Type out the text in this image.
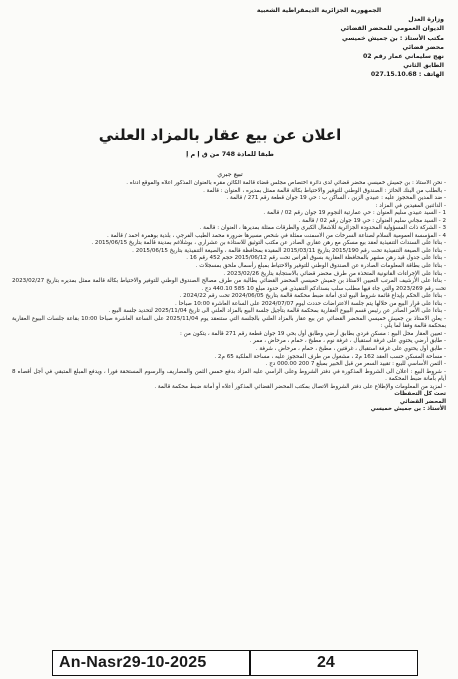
الجمهورية الجزائرية الديمقراطية الشعبية
وزارة العدل
الديوان العمومي للمحضر القضائي
مكتب الأستاذ : بن جميش خميسي
محضر قضائي
نهج سليماني عمار رقم 02
الطابق الثاني
الهاتف : 027.15.10.68
اعلان عن بيع عقار بالمزاد العلني
طبقا للمادة 748 من ق إ م إ
تبيع جبري

- نحن الأستاذ : بن جميش خميسي محضر قضائي لدى دائرة اختصاص مجلس قضاء قالمة الكائن مقره بالعنوان المذكور أعلاه والموقع أدناه .

- بالطلب من البنك الحائز : الصندوق الوطني للتوفير والاحتياط بكالة قالمة ممثل بمديره ، العنوان : قالمة .

- ضد المدين المحجوز عليه : عبيدي الزين ، الساكن ب : حي 19 جوان قطعة رقم 271 / قالمة .

- الدائنين المقيدين في المزاد :

1 - السيد عبيدي سليم العنوان : حي عمارتية النجوم 19 جوان رقم 02 / قالمة .

2 - السيد مجاني سليم العنوان : حي 19 جوان رقم 02 / قالمة .

3 - الشركة ذات المسؤولية المحدودة الجزائرية للاشغال الكبرى والطرقات ممثلة بمديرها ، العنوان : قالمة .

4 - المؤسسة العمومية السلام لصناعة السرخات من الاسمنت ممثلة في شخص مسيرها ضرورة محمد الطيب الفرجي ، بلدية بوهمرة احمد / قالمة .

- بناءا على السندات التنفيذية لعقد بيع مسكن مع رهن عقاري الصادر عن مكتب التوثيق للاستاذة بن عشراري ، بوشلاغم بمدينة قالمة بتاريخ 2015/06/15 .

- بناءا على الصيغة التنفيذية تحت رقم 2015/190 بتاريخ 2015/03/11 المقيدة بمحافظة قالمة ، والصيغة التنفيذية بتاريخ 2015/06/15 .

- بناءا على جدول قيد رهن مشهر بالمحافظة العقارية بسوق أهراس تحت رقم 2015/06/12 حجم 452 رقم 16 .

- بناءا على بطاقة المعلومات الصادرة عن الصندوق الوطني للتوفير والاحتياط بمبلغ رأسمال ملحق بمسجلات .

- بناءا على الإجراءات القانونية المتخذة من طرف محضر قضائي بالاستجابة بتاريخ 2023/02/26 .

- بناءا على الأرشيف المرتب التعيين الاستاذ بن جميش خميسي المحضر القضائي بطالبة من طرف مصالح الصندوق الوطني للتوفير والاحتياط بكالة قالمة ممثل بمديره بتاريخ 2023/02/27 تحت رقم 2023/269 والتي جاء فيها مطلب سلب بسدادكم التنفيذي في حدود مبلغ 10 585 440.10 دج .

- بناءا على الحكم بإيداع قائمة شروط البيع لدى أمانة ضبط محكمة قالمة بتاريخ 2024/06/05 تحت رقم 2024/22 .

- بناءا على قرار البيع من خلالها يتم جلسة الاعتراضات حددت ليوم 2024/07/07 على الساعة العاشرة 10:00 صباحا .

- بناءا على الأمر الصادر عن رئيس قسم البيوع العقارية بمحكمة قالمة بتأجيل جلسة البيع بالمزاد العلني الى تاريخ 2025/11/04 لتحديد جلسة البيع .

- يعلن الاستاذ بن جميش خميسي المحضر القضائي عن بيع عقار بالمزاد العلني بالجلسة التي ستنعقد يوم 2025/11/04 على الساعة العاشرة صباحا 10:00 بقاعة جلسات البيوع العقارية بمحكمة قالمة وفقا لما يلي :

- تعيين العقار محل البيع : مسكن فردي بطابق أرضي وطابق أول بحي 19 جوان قطعة رقم 271 قالمة ، يتكون من :

- طابق أرضي يحتوي على غرفة استقبال ، غرفة نوم ، مطبخ ، حمام ، مرحاض ، ممر .

- طابق أول يحتوي على غرفة استقبال ، غرفتين ، مطبخ ، حمام ، مرحاض ، شرفة .

- مساحة المسكن حسب العقد 162 م2 ، مشغول من طرف المحجوز عليه ، مساحة الملكية 65 م2 .

- الثمن الأساسي للبيع : تقييد السعر من قبل الخبير بمبلغ 7 200 000.00 دج .

- شروط البيع : اعلان الى الشروط المذكورة في دفتر الشروط وعلى الراسي عليه المزاد بدفع خمس الثمن والمصاريف والرسوم المستحقة فورا ، ويدفع المبلغ المتبقي في أجل أقصاه 8 أيام بأمانة ضبط المحكمة .

- لمزيد من المعلومات والإطلاع على دفتر الشروط الاتصال بمكتب المحضر القضائي المذكور أعلاه أو أمانة ضبط محكمة قالمة .

تحت كل التحفظات

المحضر القضائي

الأستاذ : بن جميش خميسي

An-Nasr29-10-2025	24
